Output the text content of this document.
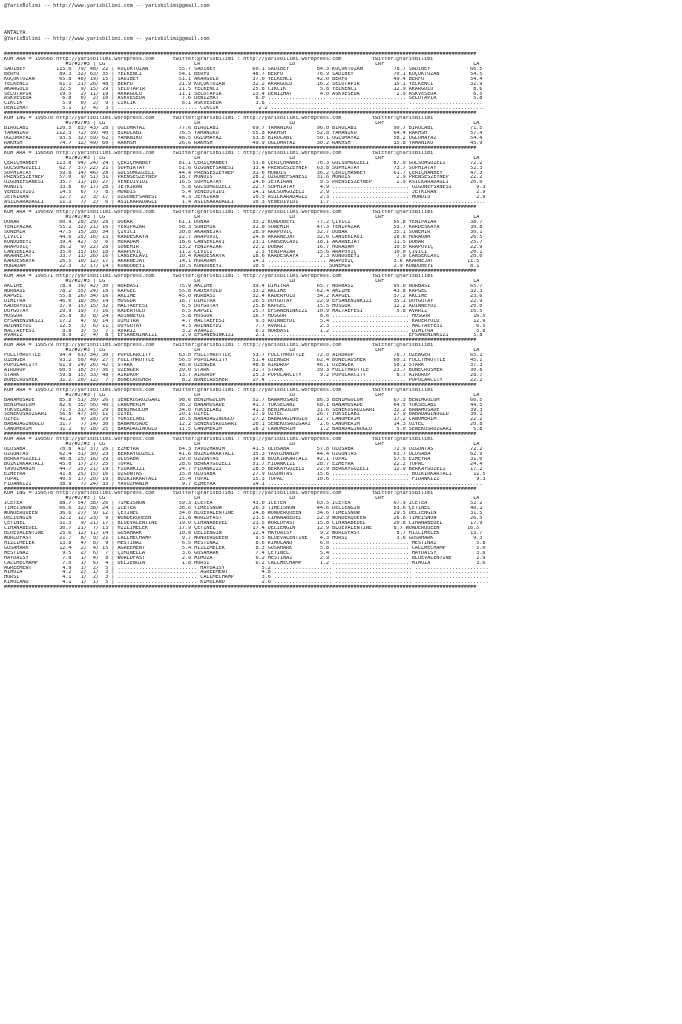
@YarisBilimi -- http://www.yarisbilimi.com -- yarisbilimi@gmail.com
ANTALYA
@YarisBilimi -- http://www.yarisbilimi.com -- yarisbilimi@gmail.com
##########################################################################################################################################################
KUM ARA = 199566 http://yarisbilimi.wordpress.com      twitter:@YarisBilimi : http://yarisbilimi.wordpress.com          twitter:@YarisBilimi
#1/#2/#3 | LG                             LR                             LD                          LRF                             LA
SADIBEY          115.0  79/ 48/ 22 | KÜÇÜKTOZAN          55.7 SADIBEY            60.1 SADIBEY         84.3 KÜÇÜKTOZAN          78.7 SADIBEY             66.5
BERFU             89.3  32/ 63/ 35 | YELKENCI            54.1 BERFU              48.7 BERFU           76.9 SADIBEY             70.1 KÜÇÜKTOZAN          54.5
KÜÇÜKTOZAN        65.8  46/ 19/ 15 | SADIBEY             51.1 AKARGÜLÜ           37.0 YELKENCI        42.0 BERFU               49.4 BERFU               54.4
YELKENCI          61.1  21/ 26/ 48 | BERFU               21.9 KÜÇÜKTOZAN         32.2 AKARGÜLÜ        16.2 SELOTAPIR           15.1 YELKENCI            32.9
AKARGÜLÜ          32.5   9/ 15/ 29 | SELOTAPIR           21.5 YELKENCI           25.8 CIKCIK           5.8 YELKENCI            12.9 AKARGÜLÜ             8.6
SELOTAPIR         19.5   2/ 11/ 19 | AKARGÜLÜ            11.1 SELOTAPIR          13.4 DENIZHAT         4.0 ASKVESEDA            2.9 ASKVESEDA            6.5
ASKVESEDA          6.8   0/  2/ 10 | ASKVESEDA            7.6 DENIZHAT            6.0 ................... ......................... SELOTAPIR            5.8
CIKCIK             5.9   0/  2/  9 | CIKCIK               6.1 ASKVESEDA           3.8 ................... ......................... ........................
DENIZHAT           5.1   1/  4/  3 | .......................... CIKCIK             2.2 ................... ......................... ........................
##########################################################################################################################################################
KUM ING = 199570 http://yarisbilimi.wordpress.com      twitter:@YarisBilimi : http://yarisbilimi.wordpress.com          twitter:@YarisBilimi
#1/#2/#3 | LG                             LR                             LD                          LRF                             LA
BIROLABI         120.5  83/ 43/ 28 | OGLUMAYAZ           77.6 BIROLABI           69.7 YAMANIKO        96.0 BIROLABI            90.7 BIROLABI            71.5
YAMANIKO         112.3  72/ 39/ 40 | BIROLABI            76.5 YAMANIKO           55.8 RAKHSH          52.8 YAMANIKO            64.4 RAKHSH              57.4
OGLUMAYAZ         93.5  32/ 59/ 62 | YAMANIKO            48.5 OGLUMAYAZ          53.8 BIROLABI        50.1 OGLUMAYAZ           58.2 OGLUMAYAZ           54.4
RAKHSH            74.7  12/ 49/ 60 | RAKHSH              26.6 RAKHSH             49.9 OGLUMAYAZ       30.2 RAKHSH              15.8 YAMANIKO            45.9
##########################################################################################################################################################
KUM ARA = 199568 http://yarisbilimi.wordpress.com      twitter:@YarisBilimi : http://yarisbilimi.wordpress.com          twitter:@YarisBilimi
#1/#2/#3 | LG                             LR                             LD                          LRF                             LA
ÇERIÇHANBEY      113.8  94/ 24/ 24 | ÇERIÇHANBEY         81.1 ÇERIÇHANBEY        53.8 ÇERIÇHANBEY     76.3 GÜLSÜMGÜZELI        87.9 GÜLSÜMGÜZELI        72.2
GÜLSÜMGÜZELI      62.7  37/ 22/ 21 | SOPHIATAY           51.6 ÖZGÜNEFSANESI      33.4 PRENSESZEYNEP   63.8 SOPHIATAY           73.7 SOPHIATAY           52.3
SOPHIATAY         59.8  14/ 46/ 28 | GÜLSÜMGÜZELI        44.4 PRENSESZEYNEP      31.6 MONDIS          36.2 ÇERIÇHANBEY         61.7 ÇERIÇHANBEY         47.3
PRENSESZEYNEP     57.0   9/ 51/ 31 | PRENSESZEYNEP       18.7 MONDIS             28.2 ÖZGÜNEFSANESI   31.6 MONDIS               2.9 PRENSESZEYNEP       22.2
ÖZGÜNEFSANESI     35.7  11/ 18/ 27 | VENEDIVIDI          16.5 SOPHIATAY          24.6 JETKIRAN         9.5 PRENSESZEYNEP        2.9 ASILKARADAGLI       20.0
MONDIS            33.8   0/ 17/ 28 | JETKIRAN             5.8 GÜLSÜMGÜZELI       22.7 SOPHIATAY        4.9 ......................... ÖZGÜNEFSANESI        9.3
VENEDIVIDI        14.5   6/  7/  8 | MONDIS               5.4 VENEDIVIDI         14.1 GÜLSÜMGÜZELI     2.9 ......................... JETKIRAN             2.9
JETKIRAN          12.7   2/  3/ 17 | ÖZGÜNEFSANESI        4.3 JETKIRAN           10.5 ASILKARADAGLI    2.3 ......................... MONDIS               2.9
ASILKARADAGLI     11.1   7/  2/  6 | ASILKARADAGLI        1.4 ASILKARADAGLI      10.3 VENEDIVIDI       1.7 ......................... ........................
##########################################################################################################################################################
KUM ARA = 199569 http://yarisbilimi.wordpress.com      twitter:@YarisBilimi : http://yarisbilimi.wordpress.com          twitter:@YarisBilimi
#1/#2/#3 | LG                             LR                             LD                          LRF                             LA
DOBAR             60.9  28/ 29/ 28 | DOBAR               61.1 DOBAR              33.2 KONDUBEYI       77.2 ÇIVICI              65.8 YENIPAZAR           38.7
YENIPAZAR         55.1  32/ 21/ 16 | YENIPAZAR           58.3 SONEMIR            31.8 SONEMIR         47.3 YENIPAZAR           53.7 KARDESKAYA          30.8
SONEMIR           47.5  15/ 28/ 34 | ÇIVICI              30.8 AKARNEJAT          28.9 ARAPOVIÇ        32.7 DOBAR               35.1 SONEMIR             30.1
ÇIVICI            44.6  25/ 16/ 13 | KARDESKAYA          22.7 ARAPOVIÇ           24.6 AKARNEJAT       32.6 CANSEKLAVI          28.6 HÜRADAM             26.5
KONDUBEYI         39.4  42/  3/  6 | HÜRADAM             18.6 CANSEKLAVI         23.1 CANSEKLAVI      18.1 AKARNEJAT           11.5 DOBAR               25.7
ARAPOVIÇ          36.2   9/ 22/ 28 | SONEMIR             13.2 YENIPAZAR          22.2 DOBAR           16.7 HÜRADAM             10.0 ARAPOVIÇ            22.9
CANSEKLAVI        35.0  15/ 16/ 18 | ARAPOVIÇ            11.2 ÇIVICI              2.3 YENIPAZAR       15.6 ARAPOVIÇ            10.0 ÇIVICI              20.1
AKARNEJAT         33.7  11/ 26/ 16 | CANSEKLAVI          10.4 KARDESKAYA         18.6 KARDESKAYA       2.3 KONDUBEYI            7.9 CANSEKLAVI          20.0
KARDESKAYA        26.5  10/ 12/ 17 | AKARNEJAT           14.1 HÜRADAM            14.1 ................... ARAPOVIÇ             3.6 AKARNEJAT           11.5
HÜRADAM           22.3   3/ 17/ 14 | KONDUBEYI           10.5 KONDUBEYI          10.5 ................... SONEMIR              2.9 KONDUBEYI            8.1
##########################################################################################################################################################
KUM ARA = 199571 http://yarisbilimi.wordpress.com      twitter:@YarisBilimi : http://yarisbilimi.wordpress.com          twitter:@YarisBilimi
#1/#2/#3 | LG                             LR                             LD                          LRF                             LA
AKLIME            78.9  39/ 42/ 30 | NURBASI             75.9 AKLIME             39.4 DIMITRA         65.7 NURBASI             95.0 NURBASI             65.7
NURBASI           78.2  35/ 24/ 18 | KAPGEL              55.8 KADERYOLU          33.2 AKLIME          62.4 AKLIME              43.8 KAPGEL              32.3
KAPGEL            55.8  26/ 34/ 16 | AKLIME              45.0 NURBASI            32.4 KADERYOLU       34.2 KAPGEL              37.2 AKLIME              23.6
DIMITRA           46.0  18/ 36/ 14 | HOSGÖR              18.7 DIMITRA            26.5 DUYGUTAY        22.9 EFSANENINKIZI       35.1 DUYGUTAY            22.9
KADERYOLU         37.9  15/ 15/ 32 | MALTAEFESI           6.5 DUYGUTAY           25.8 KAPGEL          15.5 HOSGÖR              12.2 ADINNEYDI           20.0
DUYGUTAY          29.9  19/  7/ 16 | KADERYOLU            6.5 KAPGEL             25.7 EFSANENINKIZI   10.9 MALTAEFESI           5.8 AVARIZ              16.5
HOSGÖR            25.8   8/  8/ 24 | ADINNEYDI            5.8 HOSGÖR             16.7 HOSGÖR           8.6 ......................... HOSGÖR              16.5
EFSANENINKIZI     17.2   4/  9/ 14 | DIMITRA              4.7 MALTAEFESI          9.3 ADINNEYDI        5.4 ......................... KADERYOLU           12.9
ADINNEYDI         12.5   3/  6/ 11 | DUYGUTAY             4.3 ADINNEYDI           7.7 AVARIZ           2.3 ......................... MALTAEFESI           6.5
MALTAEFESI         9.8   3/  5/  7 | AVARIZ               3.2 AVARIZ              6.2 NURBASI          1.2 ......................... DIMITRA              5.8
AVARIZ             8.9   2/  4/  8 | EFSANENINKIZI        2.9 EFSANENINKIZI       2.1 ................... ......................... EFSANENINKIZI        5.8
##########################################################################################################################################################
KUM ARA = 199579 http://yarisbilimi.wordpress.com      twitter:@YarisBilimi : http://yarisbilimi.wordpress.com          twitter:@YarisBilimi
#1/#2/#3 | LG                             LR                             LD                          LRF                             LA
FULLTHROTTLE      94.4  63/ 34/ 30 | POPULARCITY         63.0 FULLTHROTTLE       53.7 FULLTHROTTLE    72.0 AIRDROP             78.7 ÖZENGER             65.1
ÖZENGER           93.2  50/ 49/ 27 | FULLTHROTTLE        56.5 POPULARCITY        51.4 ÖZENGER         62.4 BONECRUSHER         60.1 FULLTHROTTLE        45.1
POPULARCITY       61.9  24/ 26/ 42 | STARK               48.8 ÖZENGER            48.6 AIRDROP         46.1 ÖZENGER             58.1 STARK               37.3
AIRDROP           60.5  18/ 37/ 36 | ÖZENGER             39.0 STARK              32.7 STARK           39.3 FULLTHROTTLE        23.7 BONECRUSHER         30.8
STARK             59.8  15/ 33/ 48 | AIRDROP             13.7 AIRDROP            25.3 POPULARCITY      9.2 POPULARCITY          8.7 AIRDROP             28.7
BONECRUSHER       31.2  20/ 12/  7 | BONECRUSHER          8.2 BONECRUSHER        17.4 ................... ......................... POPULARCITY         22.2
##########################################################################################################################################################
KUM ARA = 199572 http://yarisbilimi.wordpress.com      twitter:@YarisBilimi : http://yarisbilimi.wordpress.com          twitter:@YarisBilimi
#1/#2/#3 | LG                             LR                             LD                          LRF                             LA
BANAMÜSADE        85.8  51/ 39/ 26 | SENEKUSRÜZGARI      98.6 BENIMGÜLÜM         52.7 BANAMÜSADE      86.3 BENIMGÜLÜM          67.3 BENIMGÜLÜM          66.5
BENIMGÜLÜM        82.6  35/ 56/ 40 | CANOMERIM           36.2 BANAMÜSADE         41.7 YÜKSELABI       68.1 BANAMÜSADE          64.5 YÜKSELABI           44.5
YÜKSELABI         71.5  31/ 45/ 29 | BENIMGÜLÜM          34.0 YÜKSELABI          41.3 BENIMGÜLÜM      31.6 SENEKUSRÜZGARI      32.2 BANAMÜSADE          39.3
SENEKUSRÜZGARI    56.8  47/ 10/ 11 | ÖZYEL               20.1 ÖZYEL              27.9 ÖZYEL           26.7 YÜKSELABI           27.9 BABADAGINOGLU       30.1
ÖZYEL             41.2   9/ 28/ 29 | YÜKSELABI           16.5 BABADAGINOGLU      27.2 BABADAGINOGLU   12.7 CANOMERIM           17.2 CANOMERIM           22.2
BABADAGINOGLU     31.7   7/ 14/ 30 | BANAMÜSADE          12.2 SENEKUSRÜZGARI     20.1 SENEKUSRÜZGARI   2.6 CANOMERIM           14.3 ÖZYEL               20.8
CANOMERIM         31.1   6/ 18/ 25 | BABADAGINOGLU       11.5 CANOMERIM          18.2 CANOMERIM        1.2 BABADAGINOGLU        5.0 SENEKUSRÜZGARI       5.8
##########################################################################################################################################################
KUM ARA = 199567 http://yarisbilimi.wordpress.com      twitter:@YarisBilimi : http://yarisbilimi.wordpress.com          twitter:@YarisBilimi
#1/#2/#3 | LG                             LR                             LD                          LRF                             LA
ULUSABA           78.8  43/ 37/ 26 | EZMEYRA             64.3 YAVUZHANIM         41.5 ULUSABA         57.8 ULUSABA             72.9 ÖZGÜNTAS            72.2
ÖZGÜNTAS          62.4  31/ 30/ 23 | BERKAYGÜZELI        41.6 BOZKIRKARTALI      35.3 YAVUZHANIM      44.4 ÖZGÜNTAS            63.7 ULUSABA             62.9
BERKAYGÜZELI      48.8  25/ 16/ 29 | ULUSABA             29.0 ÖZGÜNTAS           34.8 BOZKIRKARTALI   42.1 TOPAL               57.5 EZMEYRA             31.6
BOZKIRKARTALI     45.0  17/ 27/ 25 | TOPAL               28.6 BERKAYGÜZELI       31.7 FIDANKIZI       28.7 EZMEYRA             22.2 TOPAL               24.4
YAVUZHANIM        44.7  25/ 21/ 19 | FIDANKIZI           24.7 FIDANKIZI          28.5 BERKAYGÜZELI    22.9 BERKAYGÜZELI        12.9 BERKAYGÜZELI        17.2
EZMEYRA           41.8  25/ 15/ 16 | ÖZGÜNTAS            15.8 ULUSABA            27.9 ÖZGÜNTAS        15.6 ......................... BOZKIRKARTALI       11.5
TOPAL             40.5  17/ 20/ 19 | BOZKIRKARTALI       15.4 TOPAL              15.3 TOPAL           10.6 ......................... FIDANKIZI            9.3
FIDANKIZI         38.9   7/ 24/ 33 | YAVUZHANIM           9.7 EZMEYRA            14.1 ................... ......................... ........................
##########################################################################################################################################################
KUM ING = 199578 http://yarisbilimi.wordpress.com      twitter:@YarisBilimi : http://yarisbilimi.wordpress.com          twitter:@YarisBilimi
#1/#2/#3 | LG                             LR                             LD                          LRF                             LA
ICETEA            88.7  54/ 38/ 26 | TIMEISNOW           59.3 ICETEA             43.0 ICETEA          63.5 ICETEA              67.9 ICETEA              52.2
TIMEISNOW         66.6  32/ 38/ 24 | ICETEA              36.6 TIMEISNOW          26.3 TIMEISNOW       44.6 DELIENGIN           63.6 ÇETINEL             40.1
WONDERQUEEN       36.6  27/  9/ 12 | ÇETINEL             34.0 BLUEVALENTINE      24.6 WONDERQUEEN     34.6 TIMEISNOW           29.5 DELIENGIN           31.5
DELIENGIN         32.2  12/ 23/  9 | WONDERQUEEN         21.8 WORLDFAST          21.5 CIHANABEDEL     22.9 WONDERQUEEN         26.6 TIMEISNOW           26.5
ÇETINEL           31.3   9/ 21/ 17 | BLUEVALENTINE       19.0 CIHANABEDEL        21.5 WORLDFAST       15.8 CIHANABEDEL         20.8 CIHANABEDEL         17.9
CIHANABEDEL       30.7  21/  7/ 13 | HIZLIMELEK          17.9 ÇETINEL            17.4 DELIENGIN       12.9 BLUEVALENTINE       8.7 WONDERQUEEN         16.5
BLUEVALENTINE     25.6  12/ 11/ 14 | GOSAHARK            10.8 DELIENGIN          12.4 HAYDAISY         9.2 WORLDFAST            8.7 HIZLIMELEK          13.7
WORLDFAST         21.7   8/  9/ 21 | CALLMECHAMP          9.7 WONDERQUEEN         9.5 BLUEVALENTINE    4.3 HORSI                3.6 GOSAHARK             9.3
HIZLIMELEK        13.8   4/  8/  9 | MESTINAZ             6.5 MESTINAZ            8.6 KIMOLAND         6.0 ......................... MESTINAZ             5.8
GOSAHARK          12.4   2/  4/ 15 | AGREEMENT            5.4 HIZLIMELEK          8.3 GOSAHARK         5.8 ......................... CALLMECHAMP          5.0
MESTINAZ           9.5   2/  6/  7 | ÇIMINELLA            3.6 GOSAHARK            7.4 ÇETINEL          5.4 ......................... HAYDAISY             3.6
HAYDAISY           7.8   1/  4/  8 | WORLDFAST            2.9 MIMOZA              6.2 MESTINAZ         2.9 ......................... BLUEVALENTINE        2.9
CALLMECHAMP        7.0   1/  6/  4 | DELIENGIN            1.8 HORSI               6.2 CALLMECHAMP      1.2 ......................... MIMOZA               3.6
AGREEMENT          4.9   1/  2/  5 | .......................... HAYDAISY            5.2 ................... ......................... ........................
MIMOZA             4.2   2/  1/  3 | .......................... AGREEMENT           4.8 ................... ......................... ........................
HORSI              4.1   1/  2/  3 | .......................... CALLMECHAMP         3.6 ................... ......................... ........................
KIMOLAND           4.1   1/  1/  5 | .......................... KIMOLAND            2.6 ................... ......................... ........................
##########################################################################################################################################################
